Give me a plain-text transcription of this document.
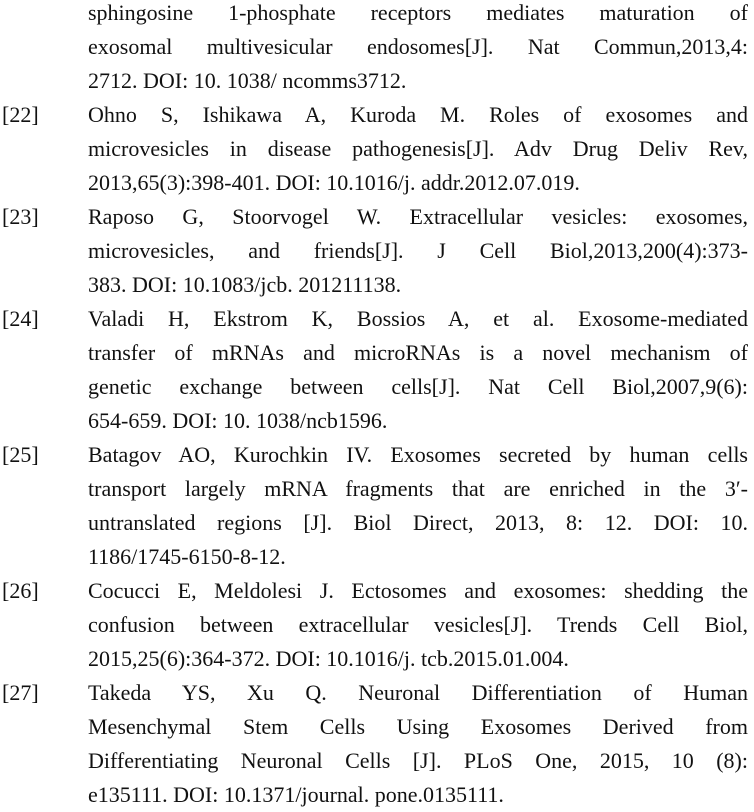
sphingosine 1-phosphate receptors mediates maturation of
exosomal multivesicular endosomes[J]. Nat Commun,2013,4:
2712. DOI: 10. 1038/ ncomms3712.
[22] Ohno S, Ishikawa A, Kuroda M. Roles of exosomes and
microvesicles in disease pathogenesis[J]. Adv Drug Deliv Rev,
2013,65(3):398-401. DOI: 10.1016/j. addr.2012.07.019.
[23] Raposo G, Stoorvogel W. Extracellular vesicles: exosomes,
microvesicles, and friends[J]. J Cell Biol,2013,200(4):373-
383. DOI: 10.1083/jcb. 201211138.
[24] Valadi H, Ekstrom K, Bossios A, et al. Exosome-mediated
transfer of mRNAs and microRNAs is a novel mechanism of
genetic exchange between cells[J]. Nat Cell Biol,2007,9(6):
654-659. DOI: 10. 1038/ncb1596.
[25] Batagov AO, Kurochkin IV. Exosomes secreted by human cells
transport largely mRNA fragments that are enriched in the 3′-
untranslated regions [J]. Biol Direct, 2013, 8: 12. DOI: 10.
1186/1745-6150-8-12.
[26] Cocucci E, Meldolesi J. Ectosomes and exosomes: shedding the
confusion between extracellular vesicles[J]. Trends Cell Biol,
2015,25(6):364-372. DOI: 10.1016/j. tcb.2015.01.004.
[27] Takeda YS, Xu Q. Neuronal Differentiation of Human
Mesenchymal Stem Cells Using Exosomes Derived from
Differentiating Neuronal Cells [J]. PLoS One, 2015, 10 (8):
e135111. DOI: 10.1371/journal. pone.0135111.
